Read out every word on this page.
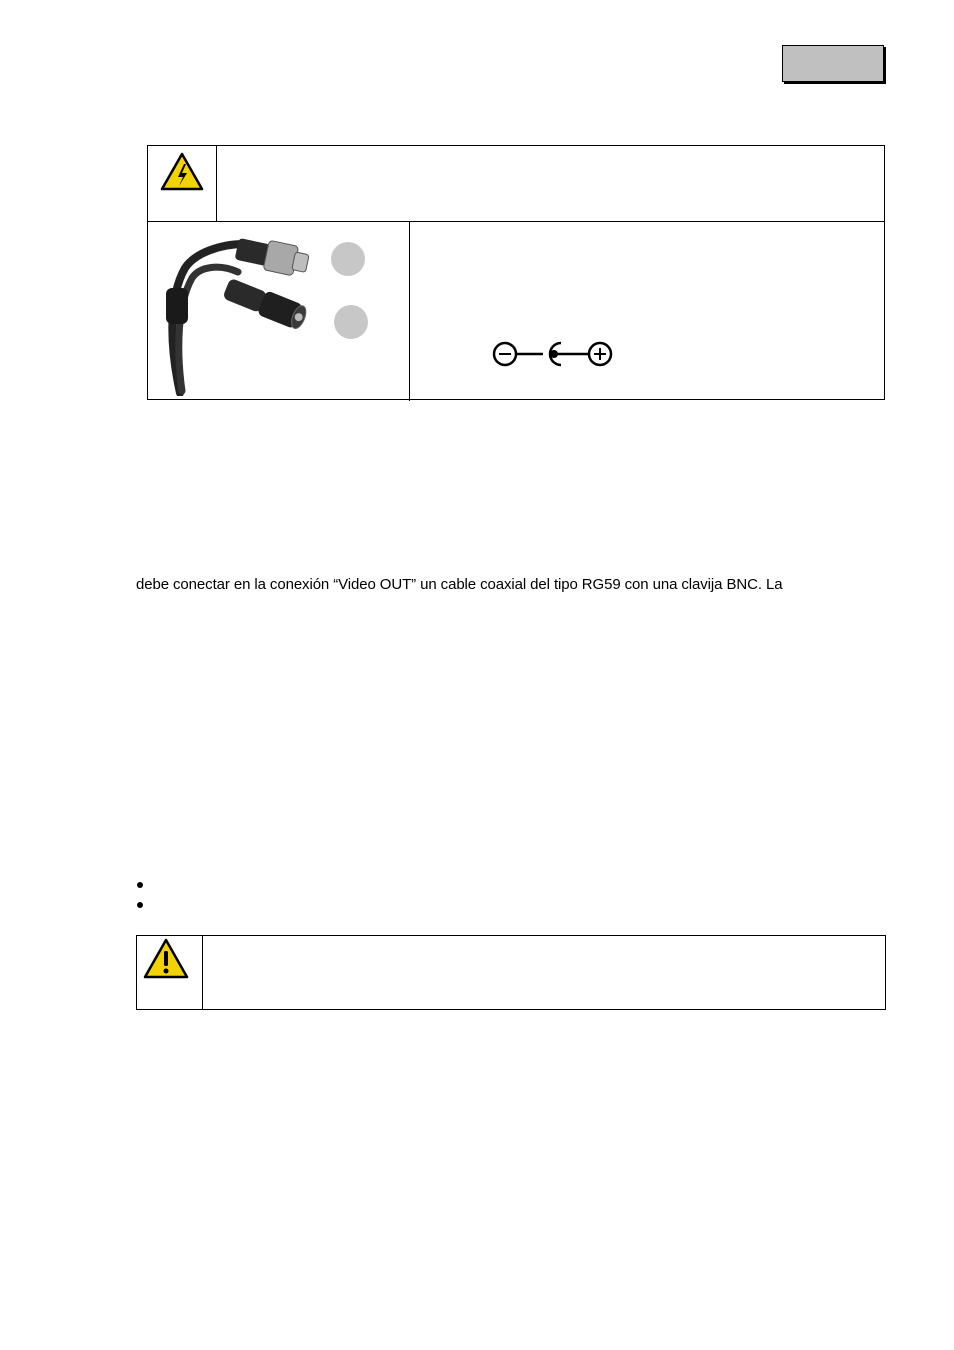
debe conectar en la conexión “Video OUT” un cable coaxial del tipo RG59 con una clavija BNC. La
